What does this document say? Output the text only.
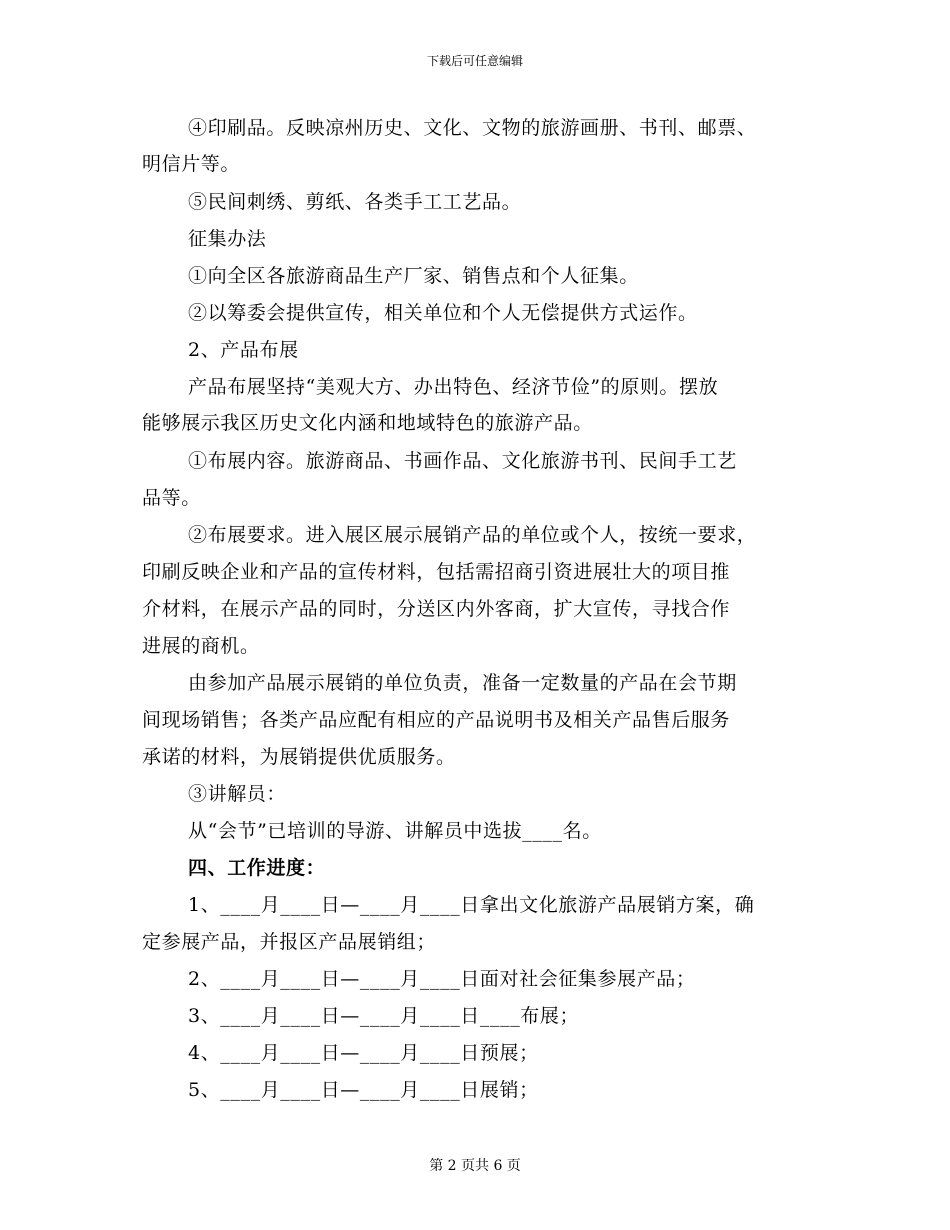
下载后可任意编辑
④印刷品。反映凉州历史、文化、文物的旅游画册、书刊、邮票、
明信片等。
⑤民间刺绣、剪纸、各类手工工艺品。
征集办法
①向全区各旅游商品生产厂家、销售点和个人征集。
②以筹委会提供宣传，相关单位和个人无偿提供方式运作。
2、产品布展
产品布展坚持“美观大方、办出特色、经济节俭”的原则。摆放
能够展示我区历史文化内涵和地域特色的旅游产品。
①布展内容。旅游商品、书画作品、文化旅游书刊、民间手工艺
品等。
②布展要求。进入展区展示展销产品的单位或个人，按统一要求，
印刷反映企业和产品的宣传材料，包括需招商引资进展壮大的项目推
介材料，在展示产品的同时，分送区内外客商，扩大宣传，寻找合作
进展的商机。
由参加产品展示展销的单位负责，准备一定数量的产品在会节期
间现场销售；各类产品应配有相应的产品说明书及相关产品售后服务
承诺的材料，为展销提供优质服务。
③讲解员：
从“会节”已培训的导游、讲解员中选拔____名。
四、工作进度：
1、____月____日—____月____日拿出文化旅游产品展销方案，确
定参展产品，并报区产品展销组；
2、____月____日—____月____日面对社会征集参展产品；
3、____月____日—____月____日____布展；
4、____月____日—____月____日预展；
5、____月____日—____月____日展销；
第 2 页共 6 页
